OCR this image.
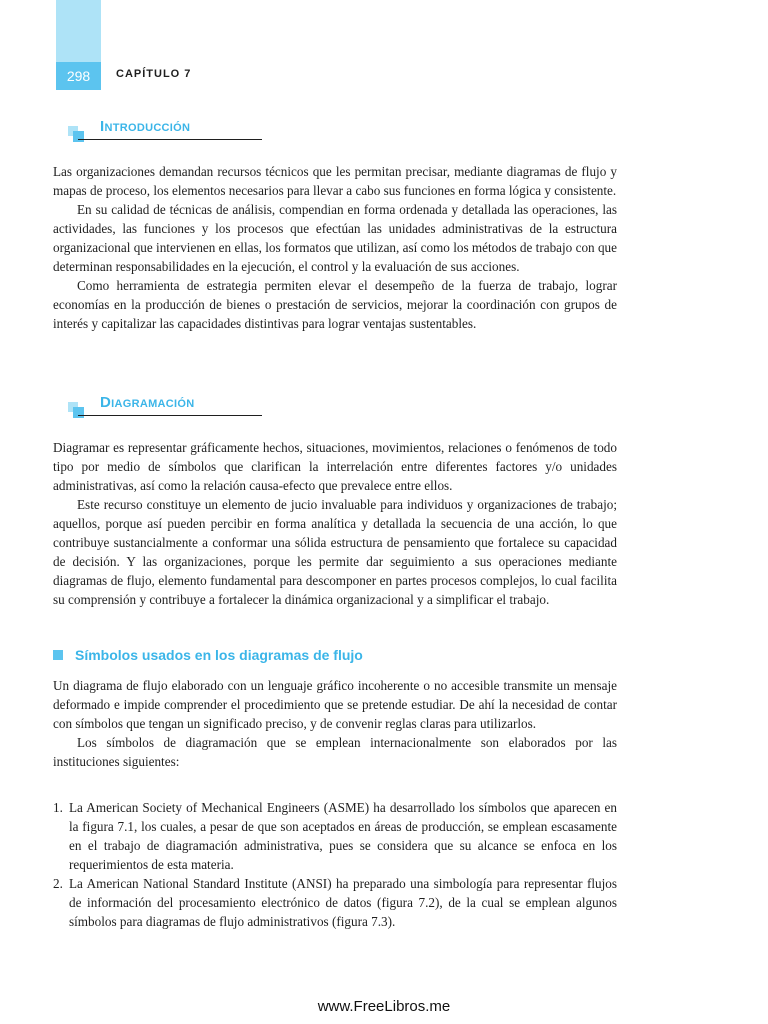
298	CAPÍTULO 7
Introducción

Las organizaciones demandan recursos técnicos que les permitan precisar, mediante diagramas de flujo y mapas de proceso, los elementos necesarios para llevar a cabo sus funciones en forma lógica y consistente.

En su calidad de técnicas de análisis, compendian en forma ordenada y detallada las operaciones, las actividades, las funciones y los procesos que efectúan las unidades administrativas de la estructura organizacional que intervienen en ellas, los formatos que utilizan, así como los métodos de trabajo con que determinan responsabilidades en la ejecución, el control y la evaluación de sus acciones.

Como herramienta de estrategia permiten elevar el desempeño de la fuerza de trabajo, lograr economías en la producción de bienes o prestación de servicios, mejorar la coordinación con grupos de interés y capitalizar las capacidades distintivas para lograr ventajas sustentables.

Diagramación

Diagramar es representar gráficamente hechos, situaciones, movimientos, relaciones o fenómenos de todo tipo por medio de símbolos que clarifican la interrelación entre diferentes factores y/o unidades administrativas, así como la relación causa-efecto que prevalece entre ellos.

Este recurso constituye un elemento de jucio invaluable para individuos y organizaciones de trabajo; aquellos, porque así pueden percibir en forma analítica y detallada la secuencia de una acción, lo que contribuye sustancialmente a conformar una sólida estructura de pensamiento que fortalece su capacidad de decisión. Y las organizaciones, porque les permite dar seguimiento a sus operaciones mediante diagramas de flujo, elemento fundamental para descomponer en partes procesos complejos, lo cual facilita su comprensión y contribuye a fortalecer la dinámica organizacional y a simplificar el trabajo.

Símbolos usados en los diagramas de flujo

Un diagrama de flujo elaborado con un lenguaje gráfico incoherente o no accesible transmite un mensaje deformado e impide comprender el procedimiento que se pretende estudiar. De ahí la necesidad de contar con símbolos que tengan un significado preciso, y de convenir reglas claras para utilizarlos.

Los símbolos de diagramación que se emplean internacionalmente son elaborados por las instituciones siguientes:

1. La American Society of Mechanical Engineers (ASME) ha desarrollado los símbolos que aparecen en la figura 7.1, los cuales, a pesar de que son aceptados en áreas de producción, se emplean escasamente en el trabajo de diagramación administrativa, pues se considera que su alcance se enfoca en los requerimientos de esta materia.
2. La American National Standard Institute (ANSI) ha preparado una simbología para representar flujos de información del procesamiento electrónico de datos (figura 7.2), de la cual se emplean algunos símbolos para diagramas de flujo administrativos (figura 7.3).
www.FreeLibros.me
